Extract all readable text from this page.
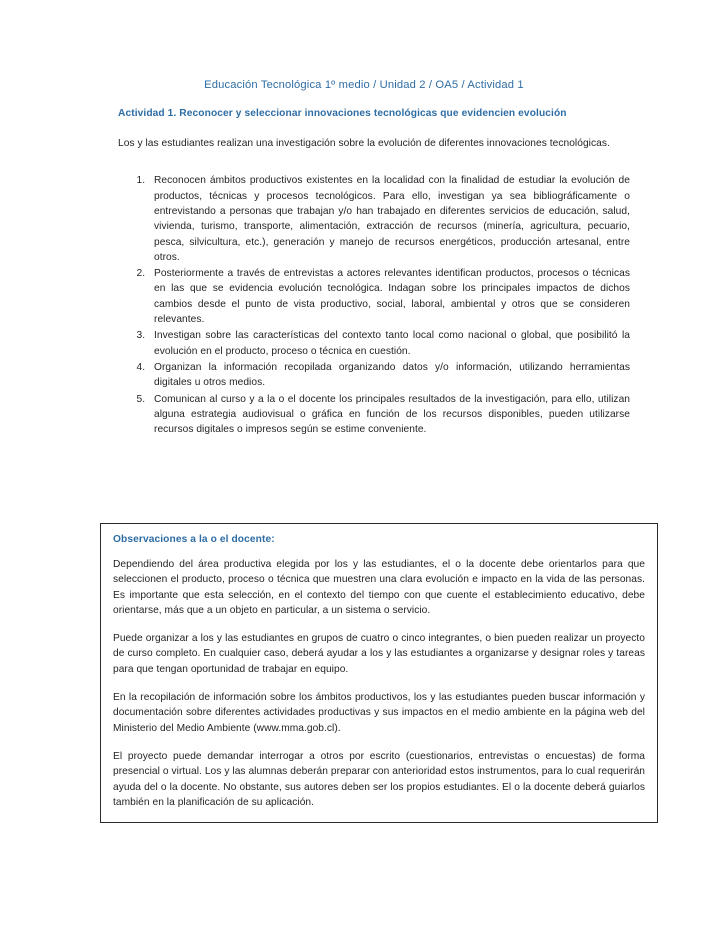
Educación Tecnológica 1º medio / Unidad 2 / OA5 / Actividad 1
Actividad 1. Reconocer y seleccionar innovaciones tecnológicas que evidencien evolución

Los y las estudiantes realizan una investigación sobre la evolución de diferentes innovaciones tecnológicas.

1. Reconocen ámbitos productivos existentes en la localidad con la finalidad de estudiar la evolución de productos, técnicas y procesos tecnológicos. Para ello, investigan ya sea bibliográficamente o entrevistando a personas que trabajan y/o han trabajado en diferentes servicios de educación, salud, vivienda, turismo, transporte, alimentación, extracción de recursos (minería, agricultura, pecuario, pesca, silvicultura, etc.), generación y manejo de recursos energéticos, producción artesanal, entre otros.
2. Posteriormente a través de entrevistas a actores relevantes identifican productos, procesos o técnicas en las que se evidencia evolución tecnológica. Indagan sobre los principales impactos de dichos cambios desde el punto de vista productivo, social, laboral, ambiental y otros que se consideren relevantes.
3. Investigan sobre las características del contexto tanto local como nacional o global, que posibilitó la evolución en el producto, proceso o técnica en cuestión.
4. Organizan la información recopilada organizando datos y/o información, utilizando herramientas digitales u otros medios.
5. Comunican al curso y a la o el docente los principales resultados de la investigación, para ello, utilizan alguna estrategia audiovisual o gráfica en función de los recursos disponibles, pueden utilizarse recursos digitales o impresos según se estime conveniente.
Observaciones a la o el docente:

Dependiendo del área productiva elegida por los y las estudiantes, el o la docente debe orientarlos para que seleccionen el producto, proceso o técnica que muestren una clara evolución e impacto en la vida de las personas. Es importante que esta selección, en el contexto del tiempo con que cuente el establecimiento educativo, debe orientarse, más que a un objeto en particular, a un sistema o servicio.

Puede organizar a los y las estudiantes en grupos de cuatro o cinco integrantes, o bien pueden realizar un proyecto de curso completo. En cualquier caso, deberá ayudar a los y las estudiantes a organizarse y designar roles y tareas para que tengan oportunidad de trabajar en equipo.

En la recopilación de información sobre los ámbitos productivos, los y las estudiantes pueden buscar información y documentación sobre diferentes actividades productivas y sus impactos en el medio ambiente en la página web del Ministerio del Medio Ambiente (www.mma.gob.cl).

El proyecto puede demandar interrogar a otros por escrito (cuestionarios, entrevistas o encuestas) de forma presencial o virtual. Los y las alumnas deberán preparar con anterioridad estos instrumentos, para lo cual requerirán ayuda del o la docente. No obstante, sus autores deben ser los propios estudiantes. El o la docente deberá guiarlos también en la planificación de su aplicación.
